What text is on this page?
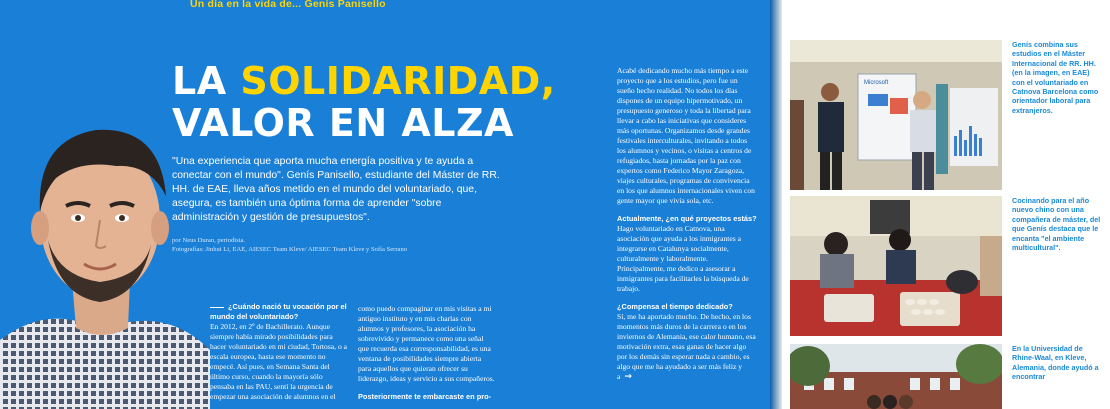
Un día en la vida de... Genís Panisello
LA SOLIDARIDAD,
VALOR EN ALZA
"Una experiencia que aporta mucha energía positiva y te ayuda a conectar con el mundo". Genís Panisello, estudiante del Máster de RR. HH. de EAE, lleva años metido en el mundo del voluntariado, que, asegura, es también una óptima forma de aprender "sobre administración y gestión de presupuestos".
por Neus Duran, periodista.
Fotografías: Jinhui Li, EAE, AIESEC Team Kleve/ AIESEC Team Kleve y Sofía Serrano
¿Cuándo nació tu vocación por el mundo del voluntariado?

En 2012, en 2º de Bachillerato. Aunque siempre había mirado posibilidades para hacer voluntariado en mi ciudad, Tortosa, o a escala europea, hasta ese momento no empecé. Así pues, en Semana Santa del último curso, cuando la mayoría sólo pensaba en las PAU, sentí la urgencia de empezar una asociación de alumnos en el

como puedo compaginar en mis visitas a mi antiguo instituto y en mis charlas con alumnos y profesores, la asociación ha sobrevivido y permanece como una señal que recuerda esa corresponsabilidad, es una ventana de posibilidades siempre abierta para aquellos que quieran ofrecer su liderazgo, ideas y servicio a sus compañeros.

Posteriormente te embarcaste en pro-

Acabé dedicando mucho más tiempo a este proyecto que a los estudios, pero fue un sueño hecho realidad. No todos los días dispones de un equipo hipermotivado, un presupuesto generoso y toda la libertad para llevar a cabo las iniciativas que consideres más oportunas. Organizamos desde grandes festivales interculturales, invitando a todos los alumnos y vecinos, o visitas a centros de refugiados, hasta jornadas por la paz con expertos como Federico Mayor Zaragoza, viajes culturales, programas de convivencia en los que alumnos internacionales viven con gente mayor que vivía sola, etc.

Actualmente, ¿en qué proyectos estás?

Hago voluntariado en Catnova, una asociación que ayuda a los inmigrantes a integrarse en Catalunya socialmente, culturalmente y laboralmente. Principalmente, me dedico a asesorar a inmigrantes para facilitarles la búsqueda de trabajo.

¿Compensa el tiempo dedicado?

Sí, me ha aportado mucho. De hecho, en los momentos más duros de la carrera o en los inviernos de Alemania, ese calor humano, esa motivación extra, esas ganas de hacer algo por los demás sin esperar nada a cambio, es algo que me ha ayudado a ser más feliz y a →

Microsoft
Genís combina sus estudios en el Máster Internacional de RR. HH. (en la imagen, en EAE) con el voluntariado en Catnova Barcelona como orientador laboral para extranjeros.
Cocinando para el año nuevo chino con una compañera de máster, del que Genís destaca que le encanta "el ambiente multicultural".
En la Universidad de Rhine-Waal, en Kleve, Alemania, donde ayudó a encontrar
